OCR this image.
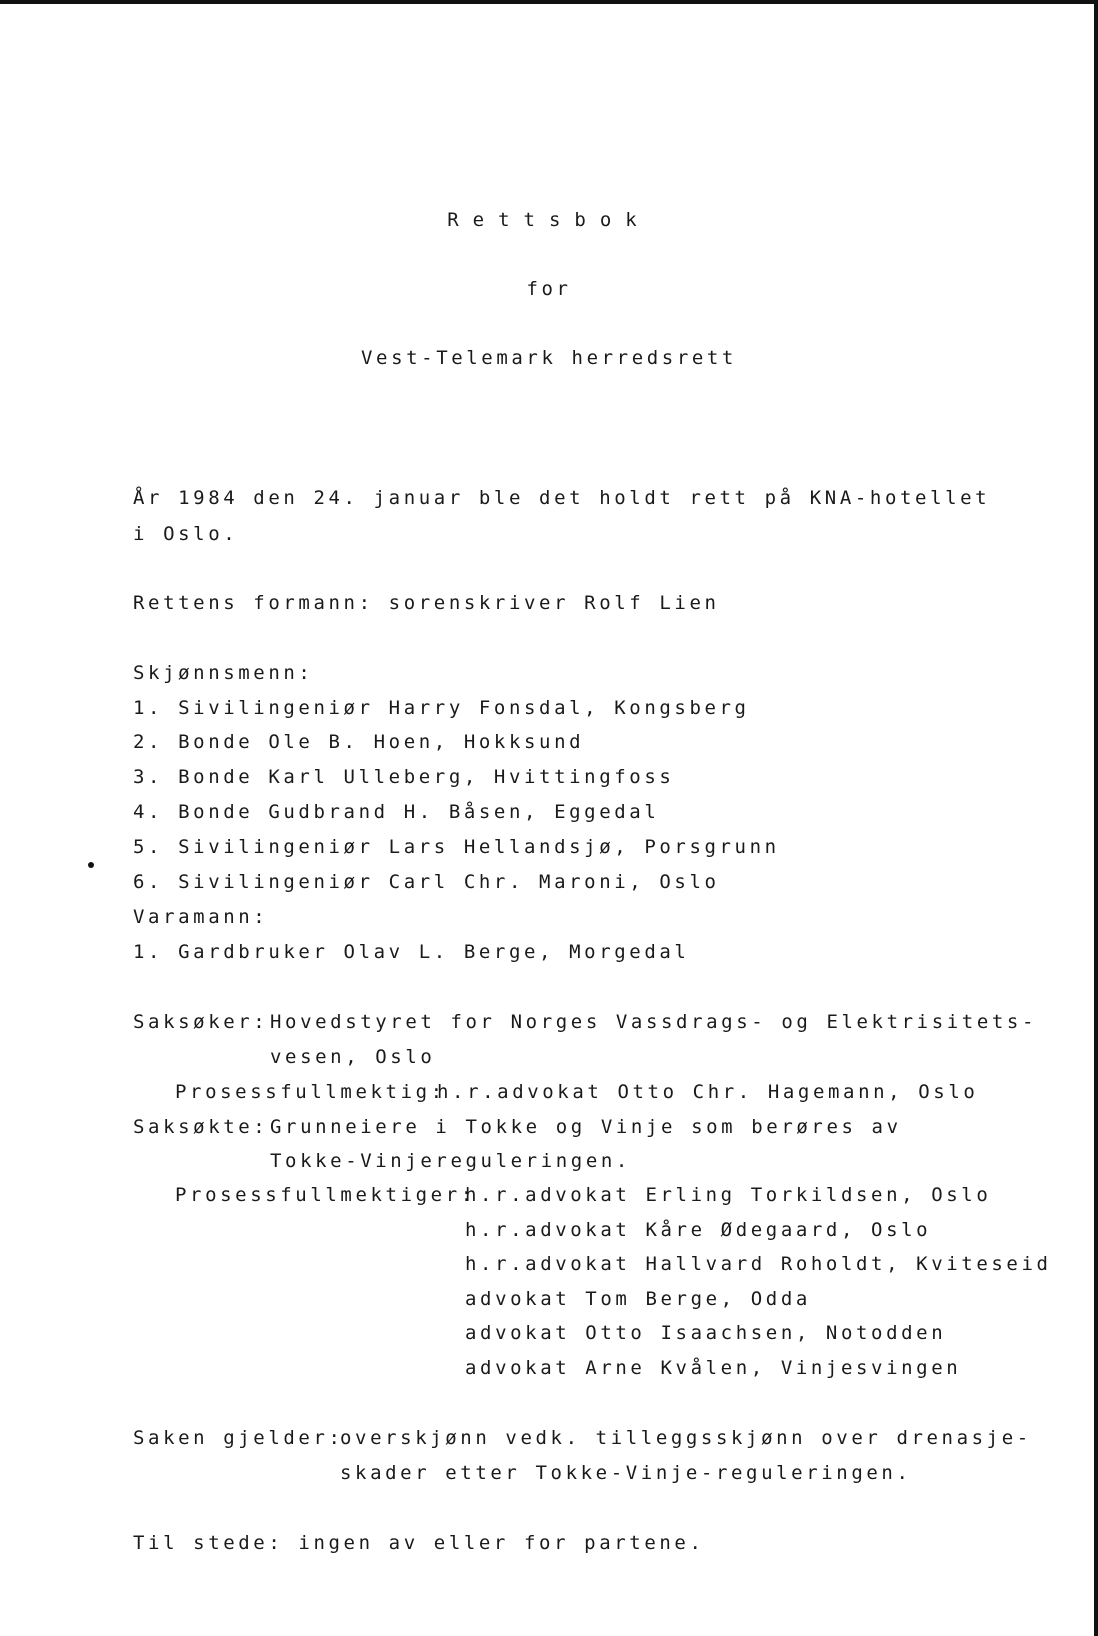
Rettsbok
for
Vest-Telemark herredsrett
År 1984 den 24. januar ble det holdt rett på KNA-hotellet
i Oslo.
Rettens formann: sorenskriver Rolf Lien
Skjønnsmenn:
1. Sivilingeniør Harry Fonsdal, Kongsberg
2. Bonde Ole B. Hoen, Hokksund
3. Bonde Karl Ulleberg, Hvittingfoss
4. Bonde Gudbrand H. Båsen, Eggedal
5. Sivilingeniør Lars Hellandsjø, Porsgrunn
6. Sivilingeniør Carl Chr. Maroni, Oslo
Varamann:
1. Gardbruker Olav L. Berge, Morgedal
Saksøker: Hovedstyret for Norges Vassdrags- og Elektrisitets-
vesen, Oslo
Prosessfullmektig:
h.r.advokat Otto Chr. Hagemann, Oslo
Saksøkte: Grunneiere i Tokke og Vinje som berøres av
Tokke-Vinjereguleringen.
Prosessfullmektiger:
h.r.advokat Erling Torkildsen, Oslo
h.r.advokat Kåre Ødegaard, Oslo
h.r.advokat Hallvard Roholdt, Kviteseid
advokat Tom Berge, Odda
advokat Otto Isaachsen, Notodden
advokat Arne Kvålen, Vinjesvingen
Saken gjelder:
overskjønn vedk. tilleggsskjønn over drenasje-
skader etter Tokke-Vinje-reguleringen.
Til stede: ingen av eller for partene.
